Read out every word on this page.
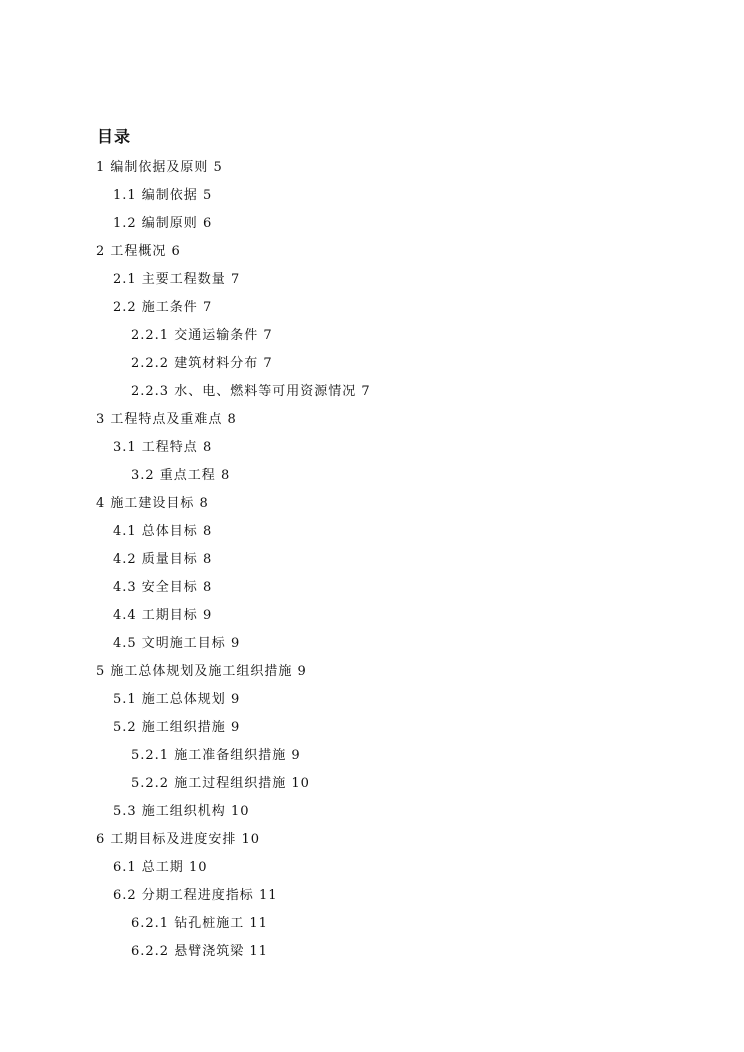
目录
1 编制依据及原则 5
1.1 编制依据 5
1.2 编制原则 6
2 工程概况 6
2.1 主要工程数量 7
2.2 施工条件 7
2.2.1 交通运输条件 7
2.2.2 建筑材料分布 7
2.2.3 水、电、燃料等可用资源情况 7
3 工程特点及重难点 8
3.1 工程特点 8
3.2 重点工程 8
4 施工建设目标 8
4.1 总体目标 8
4.2 质量目标 8
4.3 安全目标 8
4.4 工期目标 9
4.5 文明施工目标 9
5 施工总体规划及施工组织措施 9
5.1 施工总体规划 9
5.2 施工组织措施 9
5.2.1 施工准备组织措施 9
5.2.2 施工过程组织措施 10
5.3 施工组织机构 10
6 工期目标及进度安排 10
6.1 总工期 10
6.2 分期工程进度指标 11
6.2.1 钻孔桩施工 11
6.2.2 悬臂浇筑梁 11
